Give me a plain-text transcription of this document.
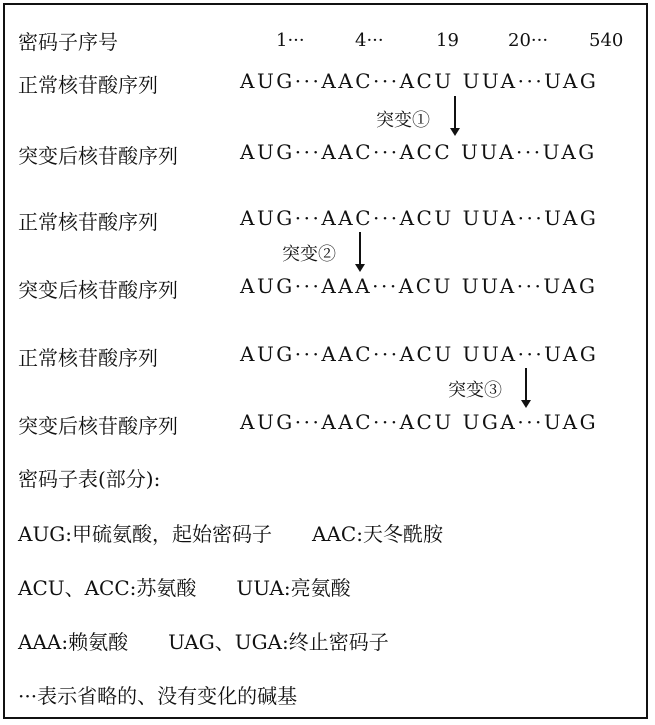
密码子序号	1···	4···	19	20··· 540
正常核苷酸序列	AUG···AAC···ACU UUA···UAG
突变①
突变后核苷酸序列	AUG···AAC···ACC UUA···UAG
正常核苷酸序列	AUG···AAC···ACU UUA···UAG
突变②
突变后核苷酸序列	AUG···AAA···ACU UUA···UAG
正常核苷酸序列	AUG···AAC···ACU UUA···UAG
突变③
突变后核苷酸序列	AUG···AAC···ACU UGA···UAG
密码子表(部分):
AUG:甲硫氨酸，起始密码子　　AAC:天冬酰胺
ACU、ACC:苏氨酸　　UUA:亮氨酸
AAA:赖氨酸　　UAG、UGA:终止密码子
···表示省略的、没有变化的碱基
